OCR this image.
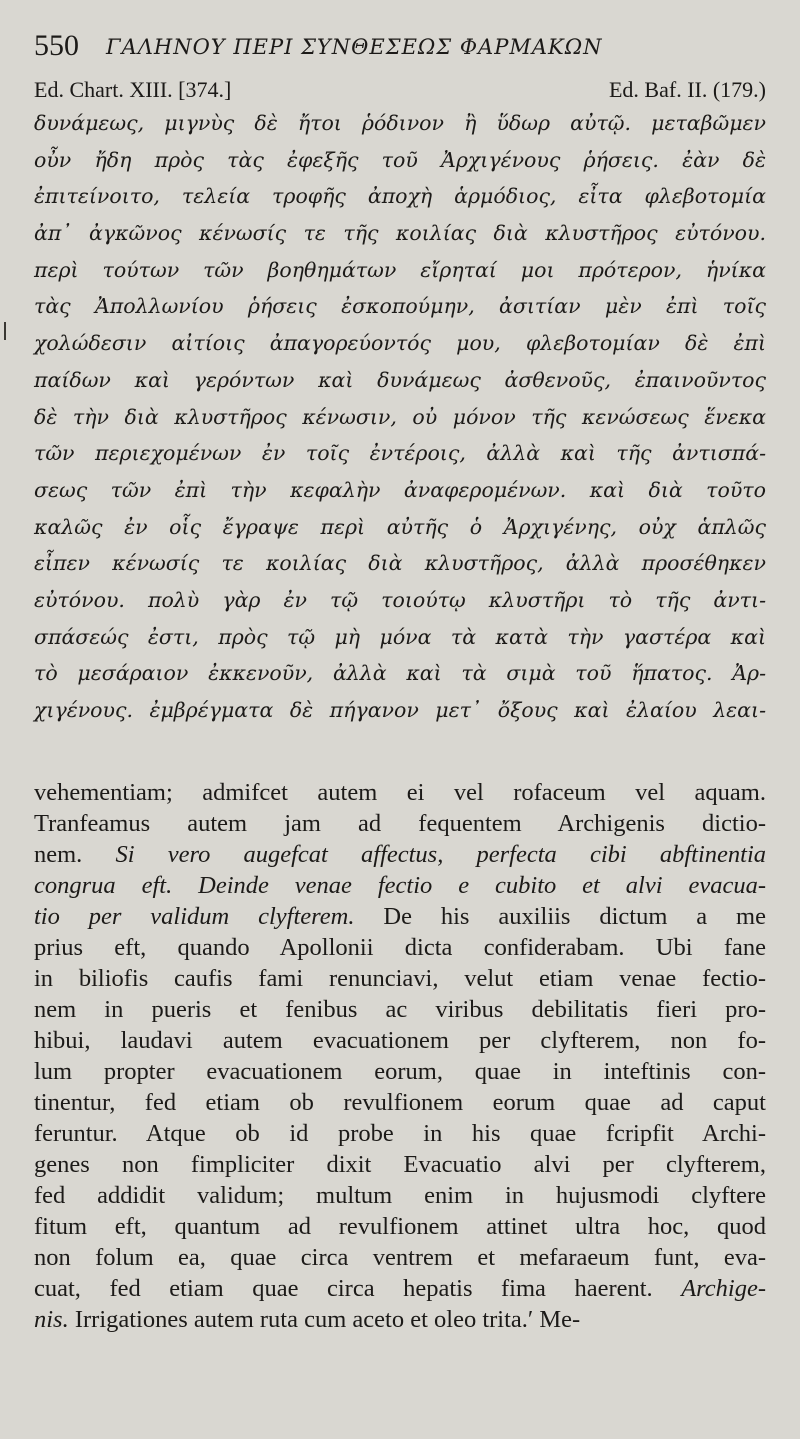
550 ΓΑΛΗΝΟΥ ΠΕΡΙ ΣΥΝΘΕΣΕΩΣ ΦΑΡΜΑΚΩΝ
Ed. Chart. XIII. [374.]	Ed. Baf. II. (179.)
δυνάμεως, μιγνὺς δὲ ἤτοι ῥόδινον ἢ ὕδωρ αὐτῷ. μεταβῶμεν
οὖν ἤδη πρὸς τὰς ἐφεξῆς τοῦ Ἀρχιγένους ῥήσεις. ἐὰν δὲ
ἐπιτείνοιτο, τελεία τροφῆς ἀποχὴ ἁρμόδιος, εἶτα φλεβοτομία
ἀπ᾽ ἀγκῶνος κένωσίς τε τῆς κοιλίας διὰ κλυστῆρος εὐτόνου.
περὶ τούτων τῶν βοηθημάτων εἴρηταί μοι πρότερον, ἡνίκα
τὰς Ἀπολλωνίου ῥήσεις ἐσκοπούμην, ἀσιτίαν μὲν ἐπὶ τοῖς
χολώδεσιν αἰτίοις ἀπαγορεύοντός μου, φλεβοτομίαν δὲ ἐπὶ
παίδων καὶ γερόντων καὶ δυνάμεως ἀσθενοῦς, ἐπαινοῦντος
δὲ τὴν διὰ κλυστῆρος κένωσιν, οὐ μόνον τῆς κενώσεως ἕνεκα
τῶν περιεχομένων ἐν τοῖς ἐντέροις, ἀλλὰ καὶ τῆς ἀντισπά-
σεως τῶν ἐπὶ τὴν κεφαλὴν ἀναφερομένων. καὶ διὰ τοῦτο
καλῶς ἐν οἷς ἔγραψε περὶ αὐτῆς ὁ Ἀρχιγένης, οὐχ ἁπλῶς
εἶπεν κένωσίς τε κοιλίας διὰ κλυστῆρος, ἀλλὰ προσέθηκεν
εὐτόνου. πολὺ γὰρ ἐν τῷ τοιούτῳ κλυστῆρι τὸ τῆς ἀντι-
σπάσεώς ἐστι, πρὸς τῷ μὴ μόνα τὰ κατὰ τὴν γαστέρα καὶ
τὸ μεσάραιον ἐκκενοῦν, ἀλλὰ καὶ τὰ σιμὰ τοῦ ἥπατος. Ἀρ-
χιγένους. ἐμβρέγματα δὲ πήγανον μετ᾽ ὄξους καὶ ἐλαίου λεαι-
vehementiam; admifcet autem ei vel rofaceum vel aquam.
Tranfeamus autem jam ad fequentem Archigenis dictio-
nem. Si vero augefcat affectus, perfecta cibi abftinentia
congrua eft. Deinde venae fectio e cubito et alvi evacua-
tio per validum clyfterem. De his auxiliis dictum a me
prius eft, quando Apollonii dicta confiderabam. Ubi fane
in biliofis caufis fami renunciavi, velut etiam venae fectio-
nem in pueris et fenibus ac viribus debilitatis fieri pro-
hibui, laudavi autem evacuationem per clyfterem, non fo-
lum propter evacuationem eorum, quae in inteftinis con-
tinentur, fed etiam ob revulfionem eorum quae ad caput
feruntur. Atque ob id probe in his quae fcripfit Archi-
genes non fimpliciter dixit Evacuatio alvi per clyfterem,
fed addidit validum; multum enim in hujusmodi clyftere
fitum eft, quantum ad revulfionem attinet ultra hoc, quod
non folum ea, quae circa ventrem et mefaraeum funt, eva-
cuat, fed etiam quae circa hepatis fima haerent. Archige-
nis. Irrigationes autem ruta cum aceto et oleo trita.′ Me-
